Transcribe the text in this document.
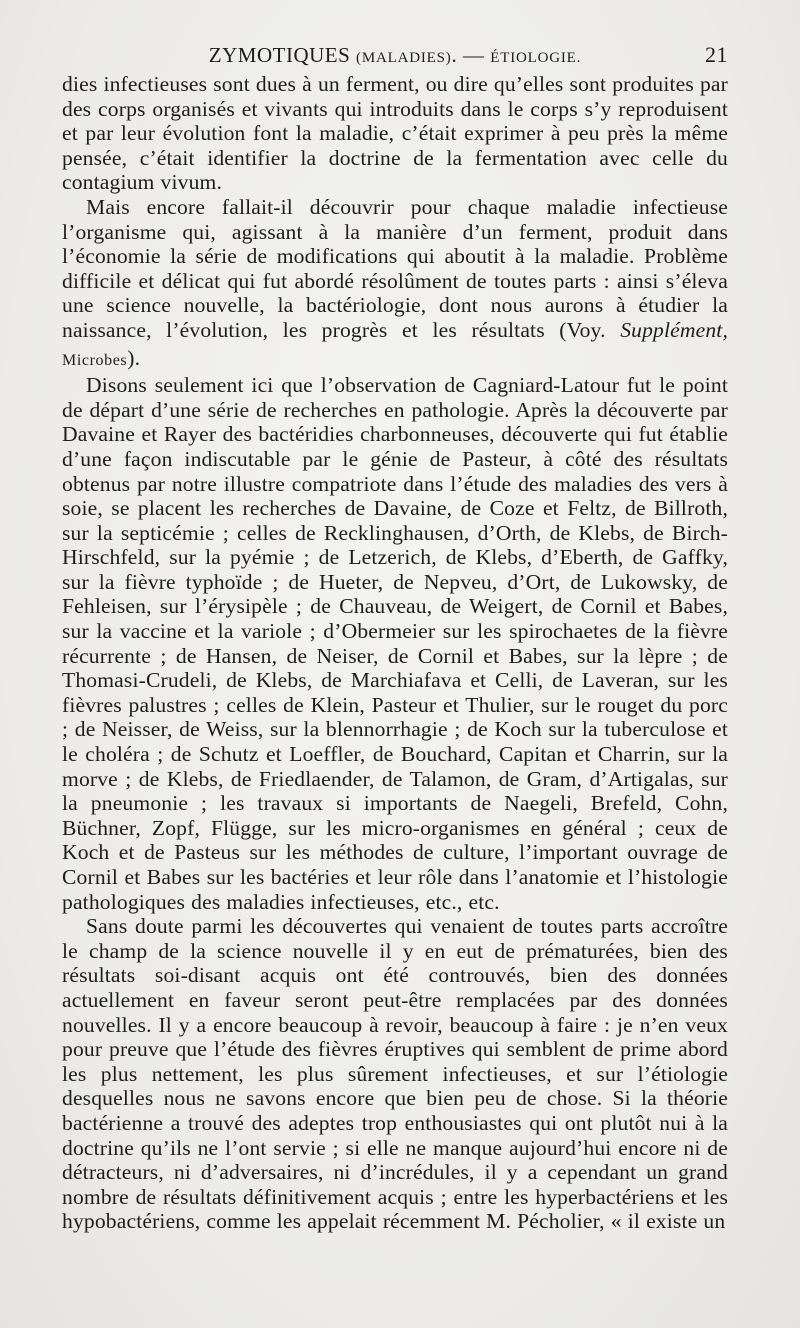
ZYMOTIQUES (MALADIES). — ÉTIOLOGIE.	21

dies infectieuses sont dues à un ferment, ou dire qu’elles sont produites par des corps organisés et vivants qui introduits dans le corps s’y reproduisent et par leur évolution font la maladie, c’était exprimer à peu près la même pensée, c’était identifier la doctrine de la fermentation avec celle du contagium vivum.

Mais encore fallait-il découvrir pour chaque maladie infectieuse l’organisme qui, agissant à la manière d’un ferment, produit dans l’économie la série de modifications qui aboutit à la maladie. Problème difficile et délicat qui fut abordé résolûment de toutes parts : ainsi s’éleva une science nouvelle, la bactériologie, dont nous aurons à étudier la naissance, l’évolution, les progrès et les résultats (Voy. Supplément, Microbes).

Disons seulement ici que l’observation de Cagniard-Latour fut le point de départ d’une série de recherches en pathologie. Après la découverte par Davaine et Rayer des bactéridies charbonneuses, découverte qui fut établie d’une façon indiscutable par le génie de Pasteur, à côté des résultats obtenus par notre illustre compatriote dans l’étude des maladies des vers à soie, se placent les recherches de Davaine, de Coze et Feltz, de Billroth, sur la septicémie ; celles de Recklinghausen, d’Orth, de Klebs, de Birch-Hirschfeld, sur la pyémie ; de Letzerich, de Klebs, d’Eberth, de Gaffky, sur la fièvre typhoïde ; de Hueter, de Nepveu, d’Ort, de Lukowsky, de Fehleisen, sur l’érysipèle ; de Chauveau, de Weigert, de Cornil et Babes, sur la vaccine et la variole ; d’Obermeier sur les spirochaetes de la fièvre récurrente ; de Hansen, de Neiser, de Cornil et Babes, sur la lèpre ; de Thomasi-Crudeli, de Klebs, de Marchiafava et Celli, de Laveran, sur les fièvres palustres ; celles de Klein, Pasteur et Thulier, sur le rouget du porc ; de Neisser, de Weiss, sur la blennorrhagie ; de Koch sur la tuberculose et le choléra ; de Schutz et Loeffler, de Bouchard, Capitan et Charrin, sur la morve ; de Klebs, de Friedlaender, de Talamon, de Gram, d’Artigalas, sur la pneumonie ; les travaux si importants de Naegeli, Brefeld, Cohn, Büchner, Zopf, Flügge, sur les micro-organismes en général ; ceux de Koch et de Pasteus sur les méthodes de culture, l’important ouvrage de Cornil et Babes sur les bactéries et leur rôle dans l’anatomie et l’histologie pathologiques des maladies infectieuses, etc., etc.

Sans doute parmi les découvertes qui venaient de toutes parts accroître le champ de la science nouvelle il y en eut de prématurées, bien des résultats soi-disant acquis ont été controuvés, bien des données actuellement en faveur seront peut-être remplacées par des données nouvelles. Il y a encore beaucoup à revoir, beaucoup à faire : je n’en veux pour preuve que l’étude des fièvres éruptives qui semblent de prime abord les plus nettement, les plus sûrement infectieuses, et sur l’étiologie desquelles nous ne savons encore que bien peu de chose. Si la théorie bactérienne a trouvé des adeptes trop enthousiastes qui ont plutôt nui à la doctrine qu’ils ne l’ont servie ; si elle ne manque aujourd’hui encore ni de détracteurs, ni d’adversaires, ni d’incrédules, il y a cependant un grand nombre de résultats définitivement acquis ; entre les hyperbactériens et les hypobactériens, comme les appelait récemment M. Pécholier, « il existe un
